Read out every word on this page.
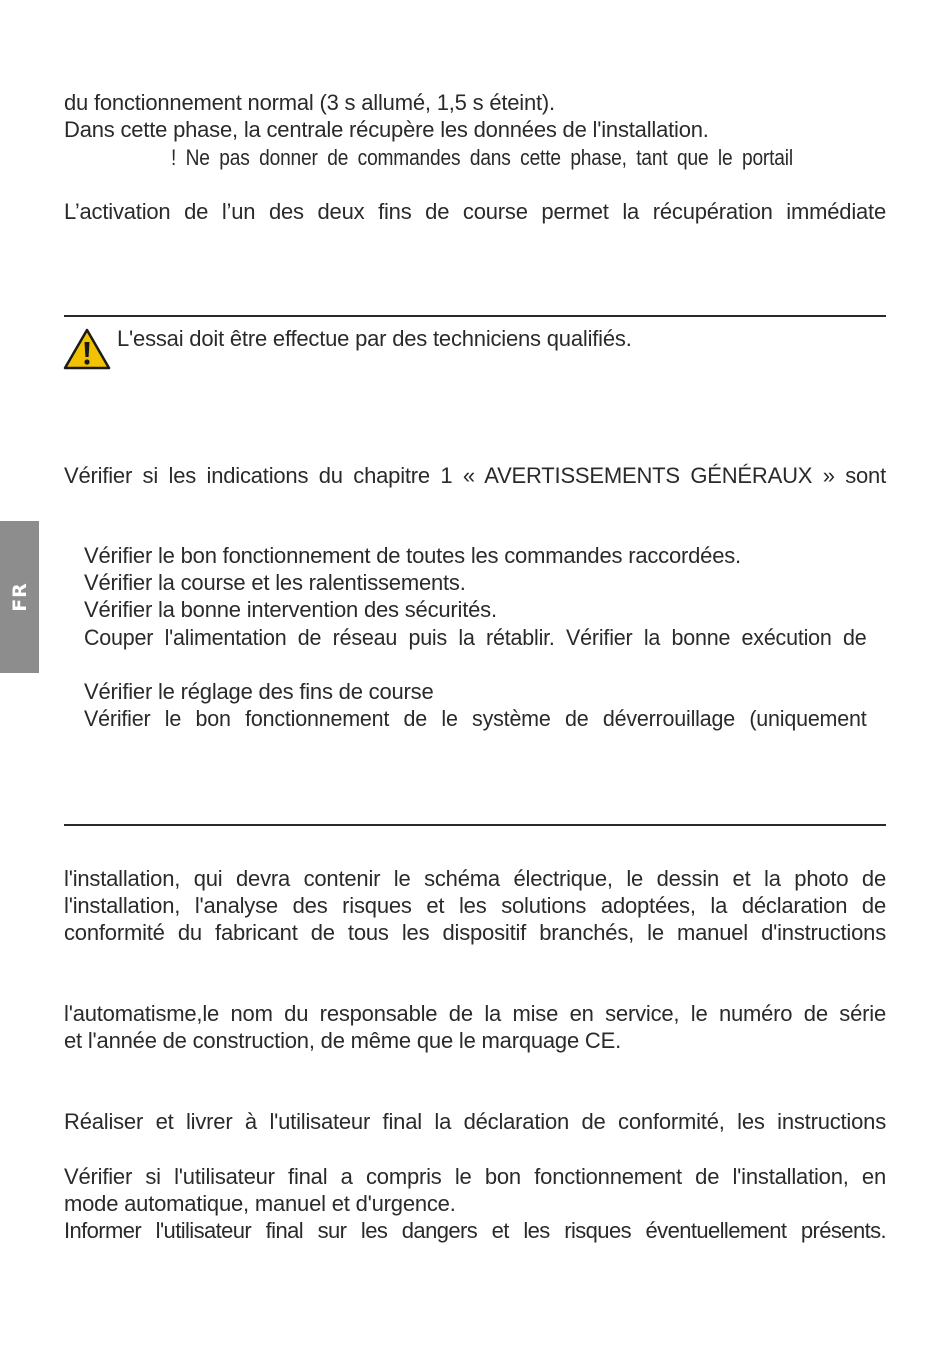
FR
du fonctionnement normal (3 s allumé, 1,5 s éteint).
Dans cette phase, la centrale récupère les données de l'installation.
! Ne pas donner de commandes dans cette phase, tant que le portail
L’activation de l’un des deux fins de course permet la récupération immédiate
L'essai doit être effectue par des techniciens qualifiés.
Vérifier si les indications du chapitre 1 « AVERTISSEMENTS GÉNÉRAUX » sont
Vérifier le bon fonctionnement de toutes les commandes raccordées.
Vérifier la course et les ralentissements.
Vérifier la bonne intervention des sécurités.
Couper l'alimentation de réseau puis la rétablir. Vérifier la bonne exécution de
Vérifier le réglage des fins de course
Vérifier le bon fonctionnement de le système de déverrouillage (uniquement
l'installation, qui devra contenir le schéma électrique, le dessin et la photo de
l'installation, l'analyse des risques et les solutions adoptées, la déclaration de
conformité du fabricant de tous les dispositif branchés, le manuel d'instructions
l'automatisme,le nom du responsable de la mise en service, le numéro de série
et l'année de construction, de même que le marquage CE.
Réaliser et livrer à l'utilisateur final la déclaration de conformité, les instructions
Vérifier si l'utilisateur final a compris le bon fonctionnement de l'installation, en
mode automatique, manuel et d'urgence.
Informer l'utilisateur final sur les dangers et les risques éventuellement présents.
